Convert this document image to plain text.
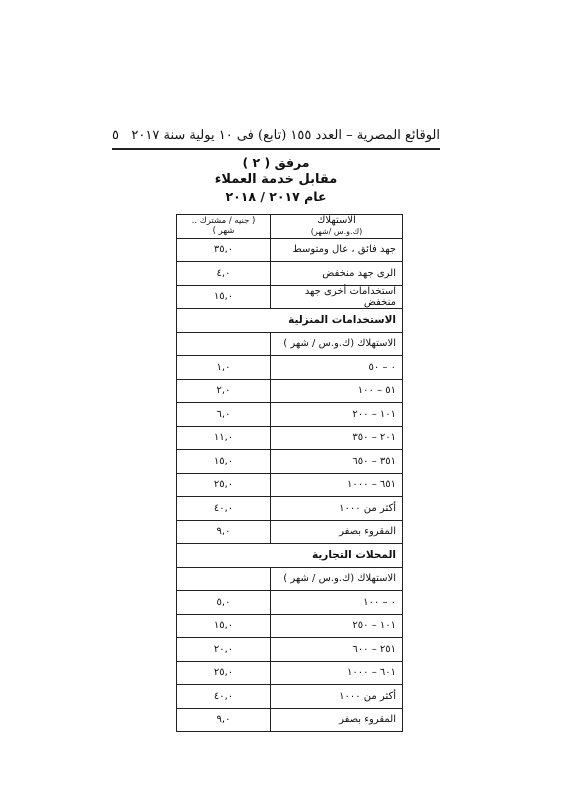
٥ الوقائع المصرية – العدد ١٥٥ (تابع) فى ١٠ يولية سنة ٢٠١٧
مرفق ( ٢ )
مقابل خدمة العملاء
عام ٢٠١٧ / ٢٠١٨
الاستهلاك
(ك.و.س /شهر)	( جنيه / مشترك .. شهر )
جهد فائق ، عال ومتوسط	٣٥,٠
الرى جهد منخفض	٤,٠
استخدامات أخرى جهد منخفض	١٥,٠
الاستخدامات المنزلية	
الاستهلاك (ك.و.س / شهر )	
٠ – ٥٠	١,٠
٥١ – ١٠٠	٢,٠
١٠١ – ٢٠٠	٦,٠
٢٠١ – ٣٥٠	١١,٠
٣٥١ – ٦٥٠	١٥,٠
٦٥١ – ١٠٠٠	٢٥,٠
أكثر من ١٠٠٠	٤٠,٠
المقروء بصفر	٩,٠
المحلات التجارية	
الاستهلاك (ك.و.س / شهر )	
٠ – ١٠٠	٥,٠
١٠١ – ٢٥٠	١٥,٠
٢٥١ – ٦٠٠	٢٠,٠
٦٠١ – ١٠٠٠	٢٥,٠
أكثر من ١٠٠٠	٤٠,٠
المقروء بصفر	٩,٠
